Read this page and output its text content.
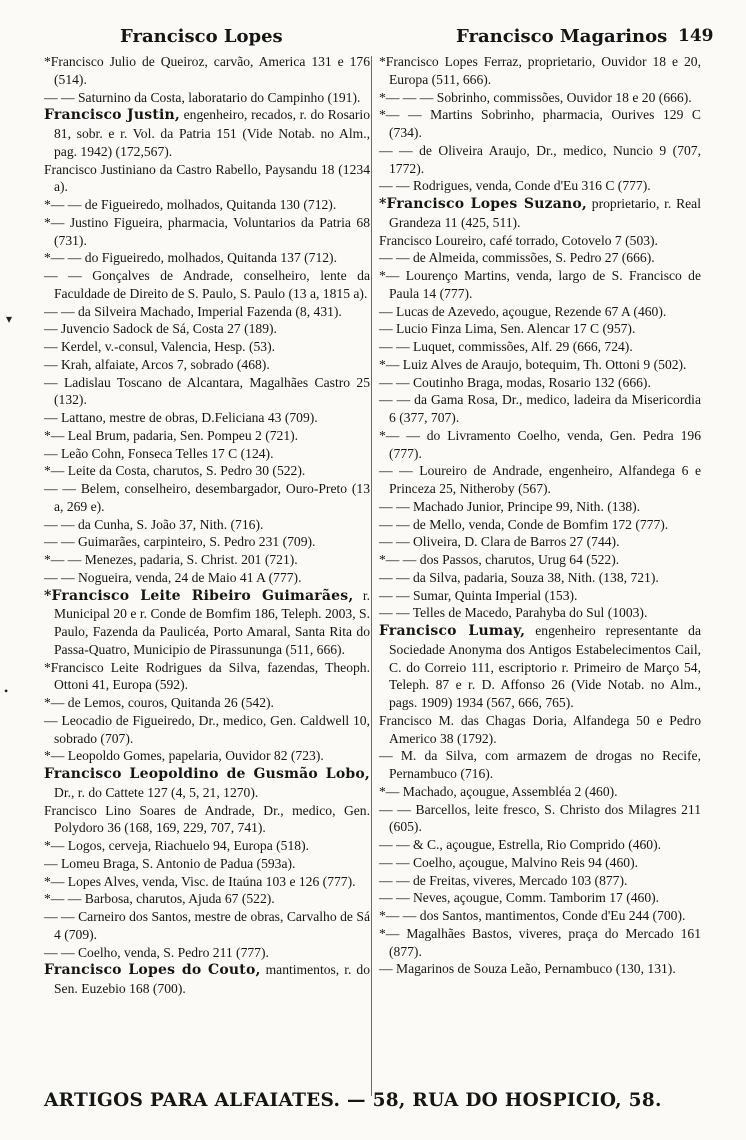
Francisco Lopes	Francisco Magarinos 149

*Francisco Julio de Queiroz, carvão, America 131 e 176 (514).

— — Saturnino da Costa, laboratario do Campinho (191).

Francisco Justin, engenheiro, recados, r. do Rosario 81, sobr. e r. Vol. da Patria 151 (Vide Notab. no Alm., pag. 1942) (172,567).

Francisco Justiniano da Castro Rabello, Paysandu 18 (1234 a).

*— — de Figueiredo, molhados, Quitanda 130 (712).

*— Justino Figueira, pharmacia, Voluntarios da Patria 68 (731).

*— — do Figueiredo, molhados, Quitanda 137 (712).

— — Gonçalves de Andrade, conselheiro, lente da Faculdade de Direito de S. Paulo, S. Paulo (13 a, 1815 a).

— — da Silveira Machado, Imperial Fazenda (8, 431).

— Juvencio Sadock de Sá, Costa 27 (189).

— Kerdel, v.-consul, Valencia, Hesp. (53).

— Krah, alfaiate, Arcos 7, sobrado (468).

— Ladislau Toscano de Alcantara, Magalhães Castro 25 (132).

— Lattano, mestre de obras, D.Feliciana 43 (709).

*— Leal Brum, padaria, Sen. Pompeu 2 (721).

— Leão Cohn, Fonseca Telles 17 C (124).

*— Leite da Costa, charutos, S. Pedro 30 (522).

— — Belem, conselheiro, desembargador, Ouro-Preto (13 a, 269 e).

— — da Cunha, S. João 37, Nith. (716).

— — Guimarães, carpinteiro, S. Pedro 231 (709).

*— — Menezes, padaria, S. Christ. 201 (721).

— — Nogueira, venda, 24 de Maio 41 A (777).

*Francisco Leite Ribeiro Guimarães, r. Municipal 20 e r. Conde de Bomfim 186, Teleph. 2003, S. Paulo, Fazenda da Paulicéa, Porto Amaral, Santa Rita do Passa-Quatro, Municipio de Pirassununga (511, 666).

*Francisco Leite Rodrigues da Silva, fazendas, Theoph. Ottoni 41, Europa (592).

*— de Lemos, couros, Quitanda 26 (542).

— Leocadio de Figueiredo, Dr., medico, Gen. Caldwell 10, sobrado (707).

*— Leopoldo Gomes, papelaria, Ouvidor 82 (723).

Francisco Leopoldino de Gusmão Lobo, Dr., r. do Cattete 127 (4, 5, 21, 1270).

Francisco Lino Soares de Andrade, Dr., medico, Gen. Polydoro 36 (168, 169, 229, 707, 741).

*— Logos, cerveja, Riachuelo 94, Europa (518).

— Lomeu Braga, S. Antonio de Padua (593a).

*— Lopes Alves, venda, Visc. de Itaúna 103 e 126 (777).

*— — Barbosa, charutos, Ajuda 67 (522).

— — Carneiro dos Santos, mestre de obras, Carvalho de Sá 4 (709).

— — Coelho, venda, S. Pedro 211 (777).

Francisco Lopes do Couto, mantimentos, r. do Sen. Euzebio 168 (700).

*Francisco Lopes Ferraz, proprietario, Ouvidor 18 e 20, Europa (511, 666).

*— — — Sobrinho, commissões, Ouvidor 18 e 20 (666).

*— — Martins Sobrinho, pharmacia, Ourives 129 C (734).

— — de Oliveira Araujo, Dr., medico, Nuncio 9 (707, 1772).

— — Rodrigues, venda, Conde d'Eu 316 C (777).

*Francisco Lopes Suzano, proprietario, r. Real Grandeza 11 (425, 511).

Francisco Loureiro, café torrado, Cotovelo 7 (503).

— — de Almeida, commissões, S. Pedro 27 (666).

*— Lourenço Martins, venda, largo de S. Francisco de Paula 14 (777).

— Lucas de Azevedo, açougue, Rezende 67 A (460).

— Lucio Finza Lima, Sen. Alencar 17 C (957).

— — Luquet, commissões, Alf. 29 (666, 724).

*— Luiz Alves de Araujo, botequim, Th. Ottoni 9 (502).

— — Coutinho Braga, modas, Rosario 132 (666).

— — da Gama Rosa, Dr., medico, ladeira da Misericordia 6 (377, 707).

*— — do Livramento Coelho, venda, Gen. Pedra 196 (777).

— — Loureiro de Andrade, engenheiro, Alfandega 6 e Princeza 25, Nitheroby (567).

— — Machado Junior, Principe 99, Nith. (138).

— — de Mello, venda, Conde de Bomfim 172 (777).

— — Oliveira, D. Clara de Barros 27 (744).

*— — dos Passos, charutos, Urug 64 (522).

— — da Silva, padaria, Souza 38, Nith. (138, 721).

— — Sumar, Quinta Imperial (153).

— — Telles de Macedo, Parahyba do Sul (1003).

Francisco Lumay, engenheiro representante da Sociedade Anonyma dos Antigos Estabelecimentos Cail, C. do Correio 111, escriptorio r. Primeiro de Março 54, Teleph. 87 e r. D. Affonso 26 (Vide Notab. no Alm., pags. 1909) 1934 (567, 666, 765).

Francisco M. das Chagas Doria, Alfandega 50 e Pedro Americo 38 (1792).

— M. da Silva, com armazem de drogas no Recife, Pernambuco (716).

*— Machado, açougue, Assembléa 2 (460).

— — Barcellos, leite fresco, S. Christo dos Milagres 211 (605).

— — & C., açougue, Estrella, Rio Comprido (460).

— — Coelho, açougue, Malvino Reis 94 (460).

— — de Freitas, viveres, Mercado 103 (877).

— — Neves, açougue, Comm. Tamborim 17 (460).

*— — dos Santos, mantimentos, Conde d'Eu 244 (700).

*— Magalhães Bastos, viveres, praça do Mercado 161 (877).

— Magarinos de Souza Leão, Pernambuco (130, 131).

ARTIGOS PARA ALFAIATES. — 58, RUA DO HOSPICIO, 58.
▾
•
